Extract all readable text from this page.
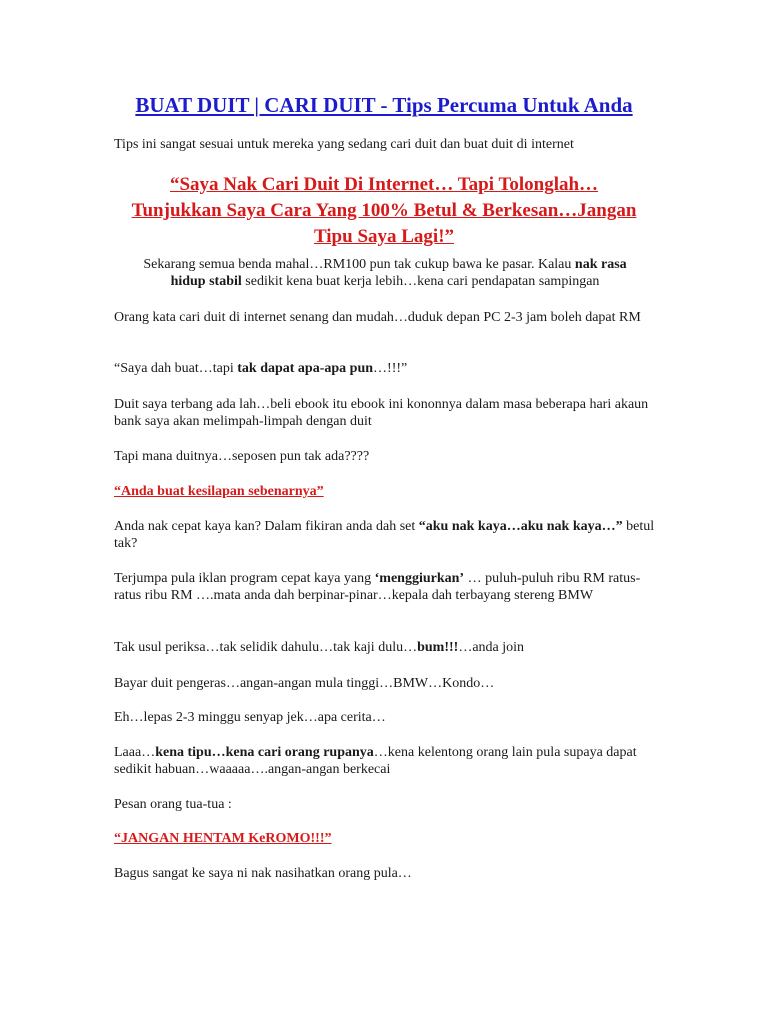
BUAT DUIT | CARI DUIT - Tips Percuma Untuk Anda

Tips ini sangat sesuai untuk mereka yang sedang cari duit dan buat duit di internet

“Saya Nak Cari Duit Di Internet… Tapi Tolonglah…
Tunjukkan Saya Cara Yang 100% Betul & Berkesan…Jangan
Tipu Saya Lagi!”

Sekarang semua benda mahal…RM100 pun tak cukup bawa ke pasar. Kalau nak rasa
hidup stabil sedikit kena buat kerja lebih…kena cari pendapatan sampingan

Orang kata cari duit di internet senang dan mudah…duduk depan PC 2-3 jam boleh dapat RM

“Saya dah buat…tapi tak dapat apa-apa pun…!!!”

Duit saya terbang ada lah…beli ebook itu ebook ini kononnya dalam masa beberapa hari akaun bank saya akan melimpah-limpah dengan duit

Tapi mana duitnya…seposen pun tak ada????

“Anda buat kesilapan sebenarnya”

Anda nak cepat kaya kan? Dalam fikiran anda dah set “aku nak kaya…aku nak kaya…” betul tak?

Terjumpa pula iklan program cepat kaya yang ‘menggiurkan’ … puluh-puluh ribu RM ratus-ratus ribu RM ….mata anda dah berpinar-pinar…kepala dah terbayang stereng BMW

Tak usul periksa…tak selidik dahulu…tak kaji dulu…bum!!!…anda join

Bayar duit pengeras…angan-angan mula tinggi…BMW…Kondo…

Eh…lepas 2-3 minggu senyap jek…apa cerita…

Laaa…kena tipu…kena cari orang rupanya…kena kelentong orang lain pula supaya dapat sedikit habuan…waaaaa….angan-angan berkecai

Pesan orang tua-tua :

“JANGAN HENTAM KeROMO!!!”

Bagus sangat ke saya ni nak nasihatkan orang pula…
